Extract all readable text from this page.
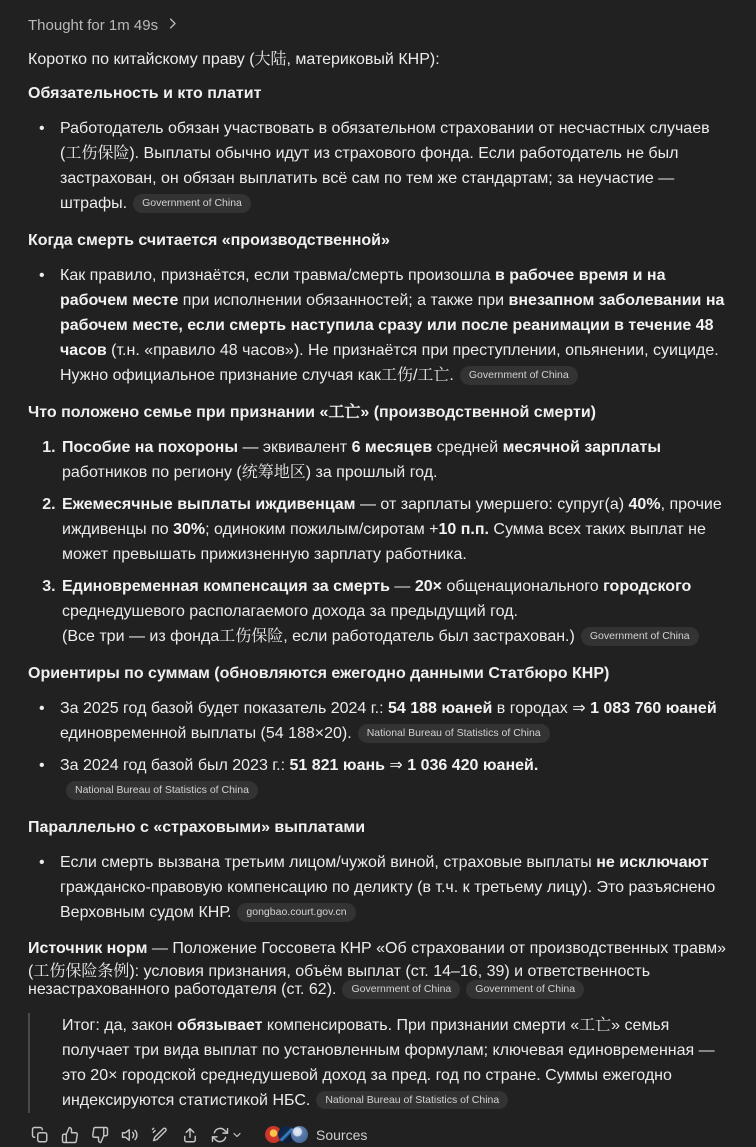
Thought for 1m 49s

Коротко по китайскому праву (大陆, материковый КНР):

Обязательность и кто платит
• Работодатель обязан участвовать в обязательном страховании от несчастных случаев (工伤保险). Выплаты обычно идут из страхового фонда. Если работодатель не был застрахован, он обязан выплатить всё сам по тем же стандартам; за неучастие — штрафы. Government of China
Когда смерть считается «производственной»
• Как правило, признаётся, если травма/смерть произошла в рабочее время и на рабочем месте при исполнении обязанностей; а также при внезапном заболевании на рабочем месте, если смерть наступила сразу или после реанимации в течение 48 часов (т.н. «правило 48 часов»). Не признаётся при преступлении, опьянении, суициде. Нужно официальное признание случая как工伤/工亡. Government of China
Что положено семье при признании «工亡» (производственной смерти)
1. Пособие на похороны — эквивалент 6 месяцев средней месячной зарплаты работников по региону (统筹地区) за прошлый год.
2. Ежемесячные выплаты иждивенцам — от зарплаты умершего: супруг(а) 40%, прочие иждивенцы по 30%; одиноким пожилым/сиротам +10 п.п. Сумма всех таких выплат не может превышать прижизненную зарплату работника.
3. Единовременная компенсация за смерть — 20× общенационального городского среднедушевого располагаемого дохода за предыдущий год.
(Все три — из фонда工伤保险, если работодатель был застрахован.) Government of China
Ориентиры по суммам (обновляются ежегодно данными Статбюро КНР)
• За 2025 год базой будет показатель 2024 г.: 54 188 юаней в городах ⇒ 1 083 760 юаней единовременной выплаты (54 188×20). National Bureau of Statistics of China
• За 2024 год базой был 2023 г.: 51 821 юань ⇒ 1 036 420 юаней.National Bureau of Statistics of China
Параллельно с «страховыми» выплатами
• Если смерть вызвана третьим лицом/чужой виной, страховые выплаты не исключают гражданско-правовую компенсацию по деликту (в т.ч. к третьему лицу). Это разъяснено Верховным судом КНР. gongbao.court.gov.cn

Источник норм — Положение Госсовета КНР «Об страховании от производственных травм» (工伤保险条例): условия признания, объём выплат (ст. 14–16, 39) и ответственность незастрахованного работодателя (ст. 62). Government of China Government of China

Итог: да, закон обязывает компенсировать. При признании смерти «工亡» семья получает три вида выплат по установленным формулам; ключевая единовременная — это 20× городской среднедушевой доход за пред. год по стране. Суммы ежегодно индексируются статистикой НБС. National Bureau of Statistics of China
Sources
